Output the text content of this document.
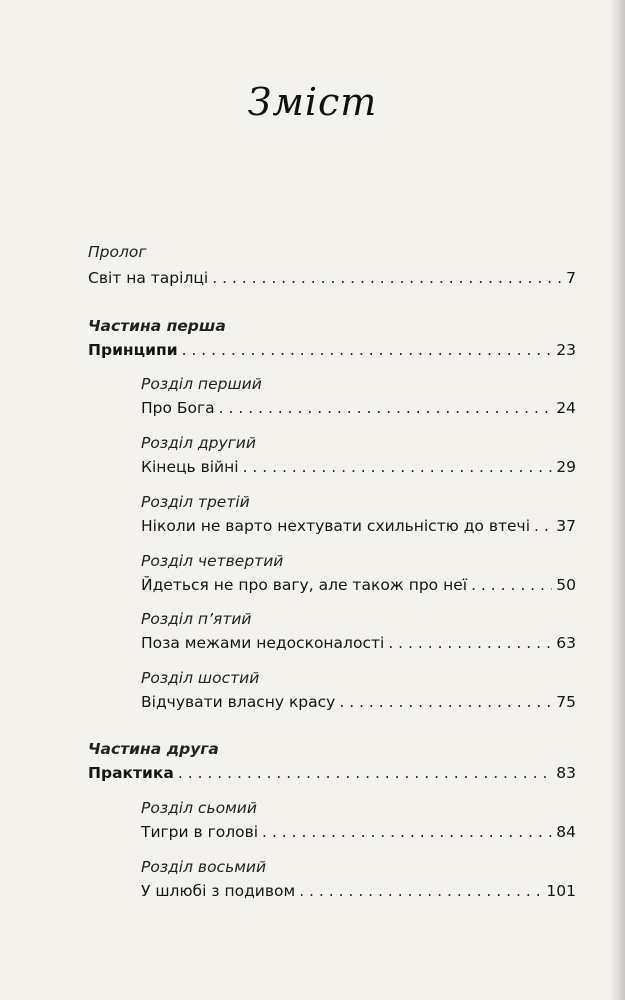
Зміст
Пролог
Світ на тарілці . . .	7
Частина перша
Принципи . . .	23
Розділ перший
Про Бога . . .	24
Розділ другий
Кінець війні . . .	29
Розділ третій
Ніколи не варто нехтувати схильністю до втечі . . . 37
Розділ четвертий
Йдеться не про вагу, але також про неї . . .	50
Розділ п’ятий
Поза межами недосконалості . . .	63
Розділ шостий
Відчувати власну красу . . .	75
Частина друга
Практика . . .	83
Розділ сьомий
Тигри в голові . . .	84
Розділ восьмий
У шлюбі з подивом . . .	101
